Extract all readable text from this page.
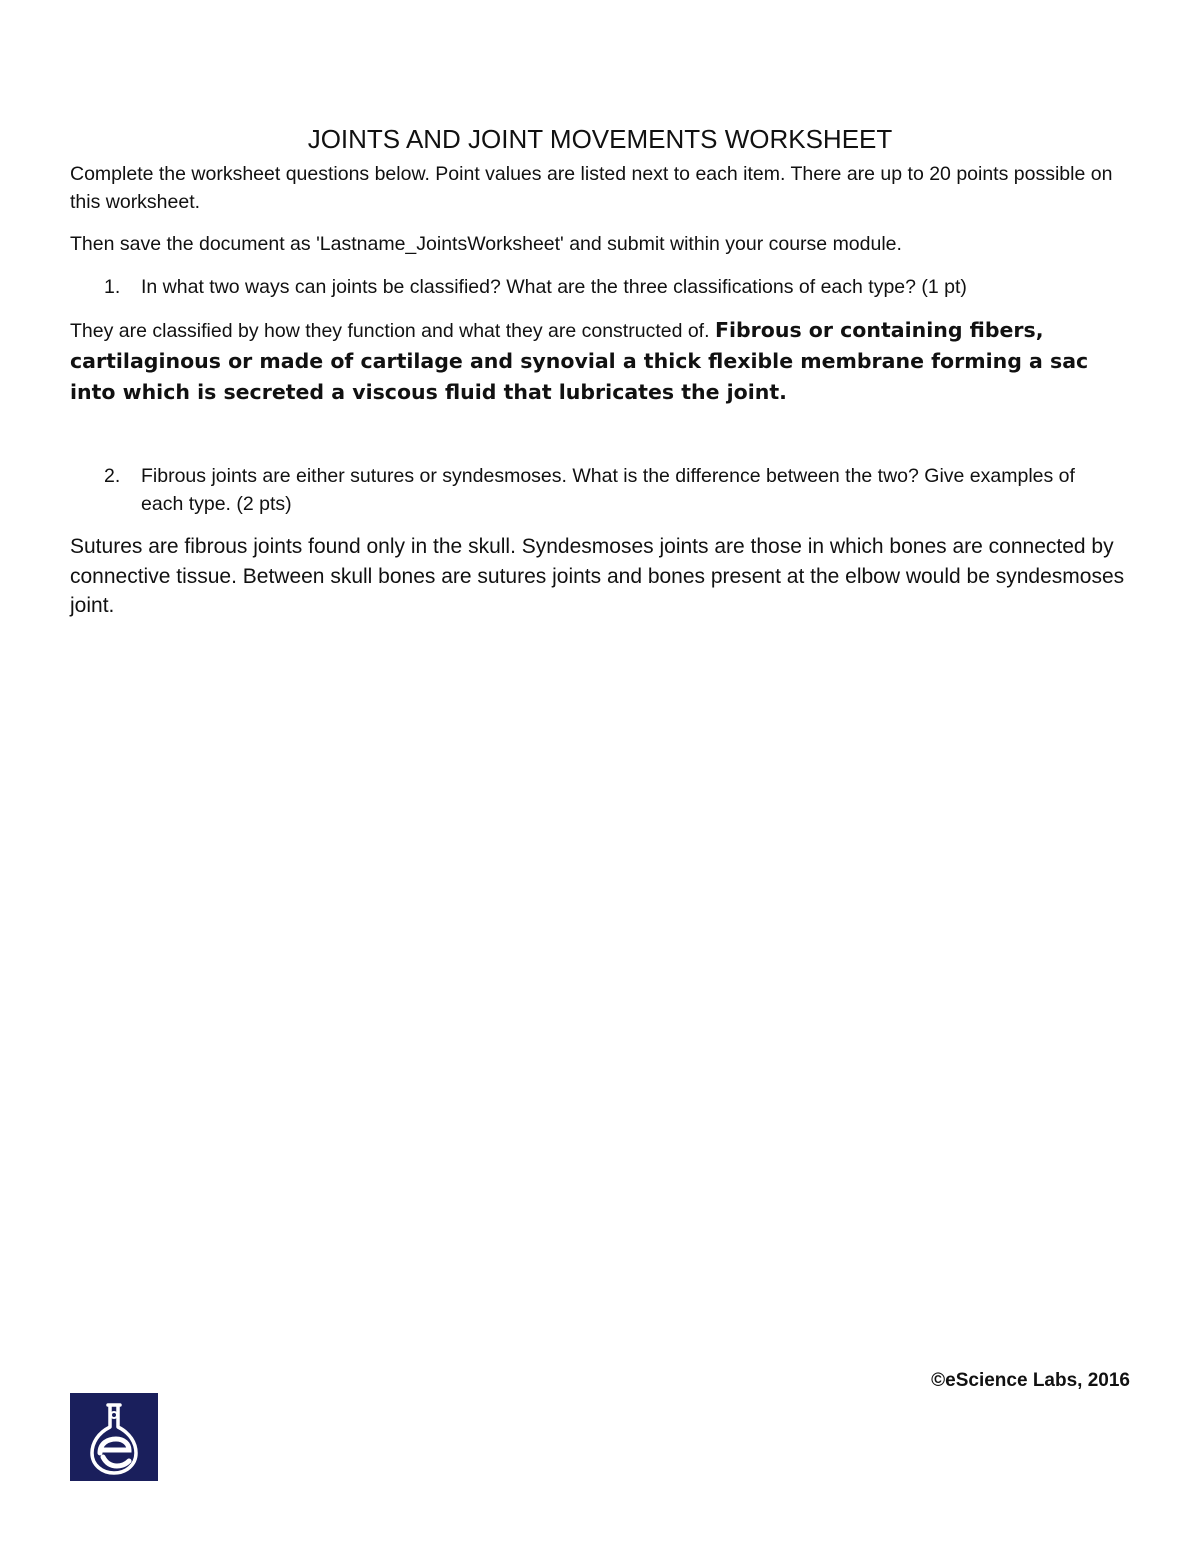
JOINTS AND JOINT MOVEMENTS WORKSHEET

Complete the worksheet questions below. Point values are listed next to each item. There are up to 20 points possible on this worksheet.

Then save the document as 'Lastname_JointsWorksheet' and submit within your course module.

1. In what two ways can joints be classified? What are the three classifications of each type? (1 pt)

They are classified by how they function and what they are constructed of. Fibrous or containing fibers, cartilaginous or made of cartilage and synovial a thick flexible membrane forming a sac into which is secreted a viscous fluid that lubricates the joint.

2. Fibrous joints are either sutures or syndesmoses. What is the difference between the two? Give examples of each type. (2 pts)

Sutures are fibrous joints found only in the skull. Syndesmoses joints are those in which bones are connected by connective tissue. Between skull bones are sutures joints and bones present at the elbow would be syndesmoses joint.

©eScience Labs, 2016
